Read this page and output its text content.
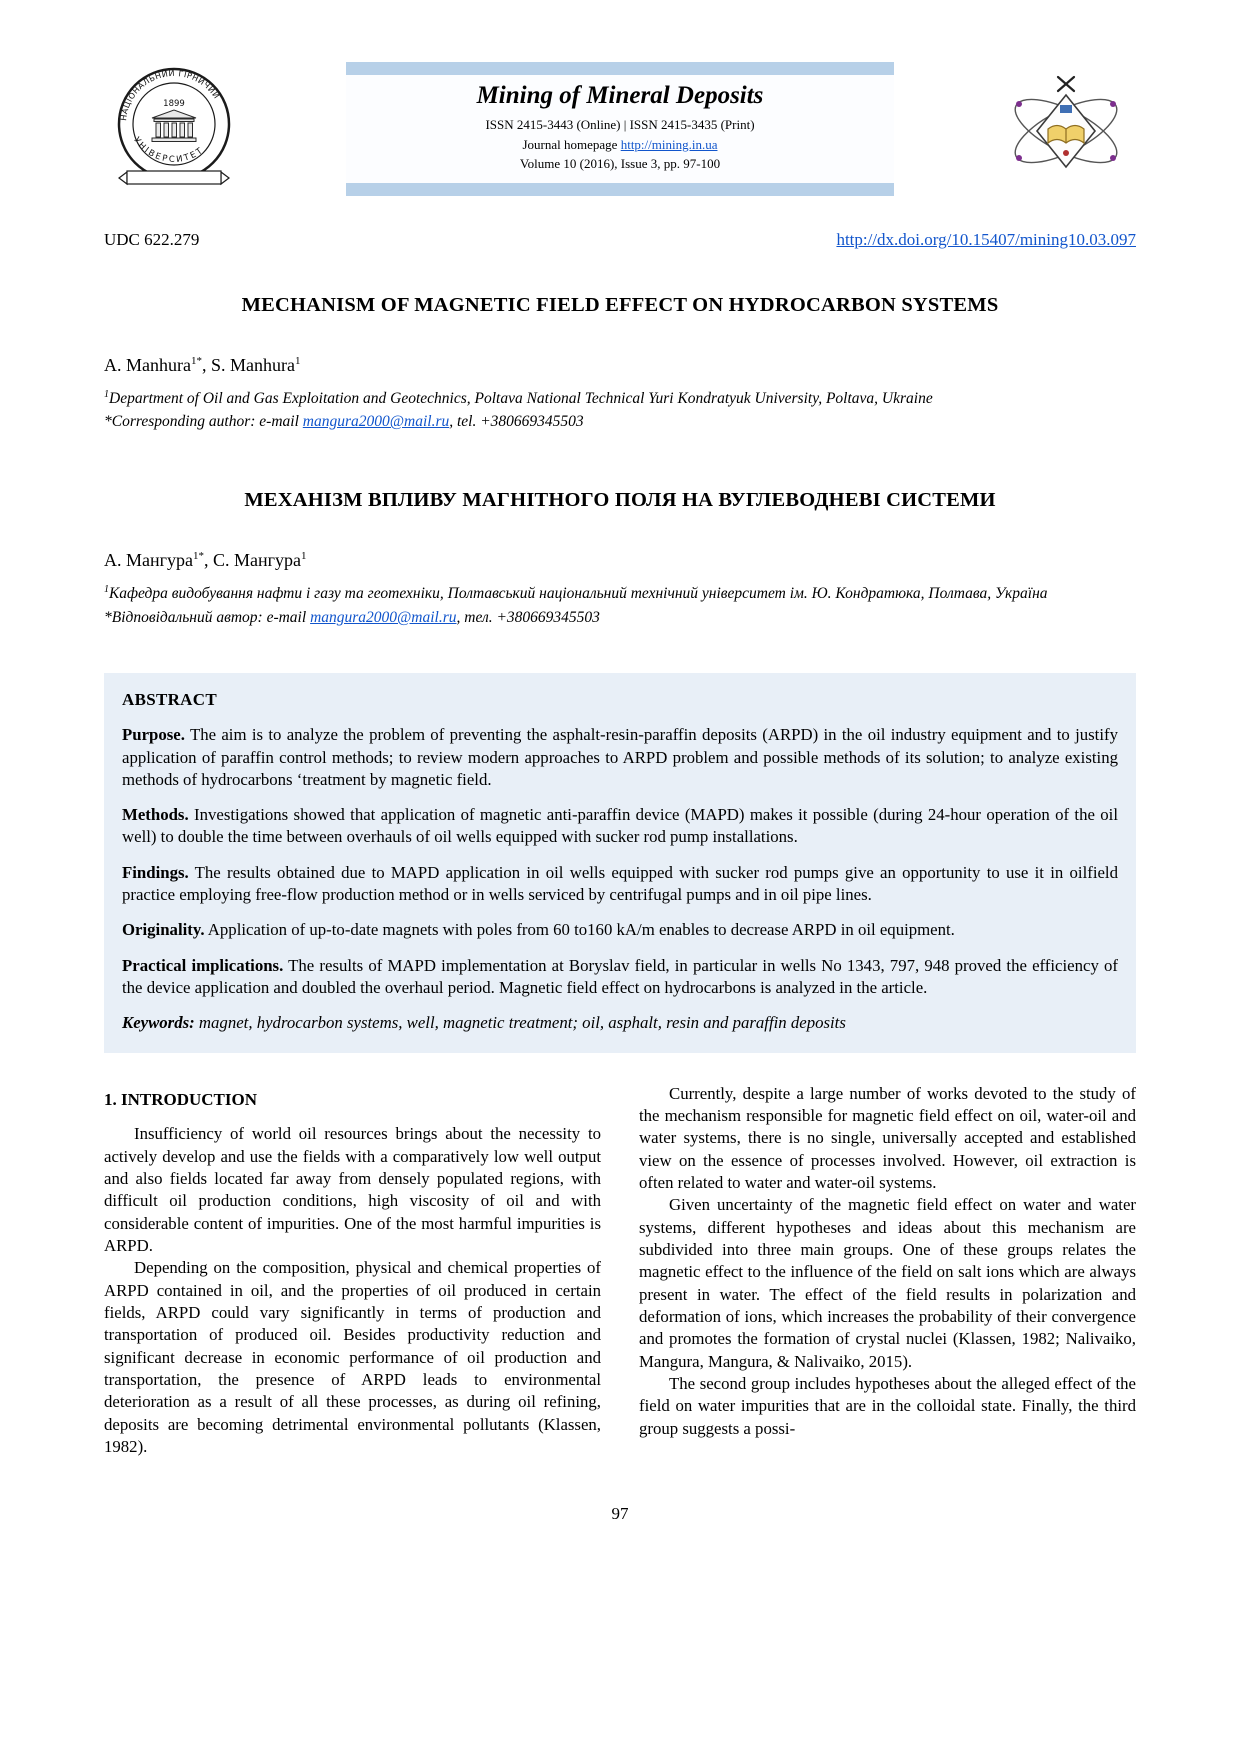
НАЦІОНАЛЬНИЙ ГІРНИЧИЙ
УНІВЕРСИТЕТ
1899	Mining of Mineral Deposits
ISSN 2415-3443 (Online) | ISSN 2415-3435 (Print)
Journal homepage http://mining.in.ua
Volume 10 (2016), Issue 3, pp. 97-100
UDC 622.279	http://dx.doi.org/10.15407/mining10.03.097
MECHANISM OF MAGNETIC FIELD EFFECT ON HYDROCARBON SYSTEMS
A. Manhura$^{1*}$, S. Manhura$^1$
$^1$Department of Oil and Gas Exploitation and Geotechnics, Poltava National Technical Yuri Kondratyuk University, Poltava, Ukraine
*Corresponding author: e-mail mangura2000@mail.ru, tel. +380669345503
МЕХАНІЗМ ВПЛИВУ МАГНІТНОГО ПОЛЯ НА ВУГЛЕВОДНЕВІ СИСТЕМИ
А. Мангура$^{1*}$, С. Мангура$^1$
$^1$Кафедра видобування нафти і газу та геотехніки, Полтавський національний технічний університет ім. Ю. Кондратюка, Полтава, Україна
*Відповідальний автор: e-mail mangura2000@mail.ru, тел. +380669345503
ABSTRACT

Purpose. The aim is to analyze the problem of preventing the asphalt-resin-paraffin deposits (ARPD) in the oil industry equipment and to justify application of paraffin control methods; to review modern approaches to ARPD problem and possible methods of its solution; to analyze existing methods of hydrocarbons ‘treatment by magnetic field.

Methods. Investigations showed that application of magnetic anti-paraffin device (MAPD) makes it possible (during 24-hour operation of the oil well) to double the time between overhauls of oil wells equipped with sucker rod pump installations.

Findings. The results obtained due to MAPD application in oil wells equipped with sucker rod pumps give an opportunity to use it in oilfield practice employing free-flow production method or in wells serviced by centrifugal pumps and in oil pipe lines.

Originality. Application of up-to-date magnets with poles from 60 to160 kA/m enables to decrease ARPD in oil equipment.

Practical implications. The results of MAPD implementation at Boryslav field, in particular in wells No 1343, 797, 948 proved the efficiency of the device application and doubled the overhaul period. Magnetic field effect on hydrocarbons is analyzed in the article.

Keywords: magnet, hydrocarbon systems, well, magnetic treatment; oil, asphalt, resin and paraffin deposits

1. INTRODUCTION

Insufficiency of world oil resources brings about the necessity to actively develop and use the fields with a comparatively low well output and also fields located far away from densely populated regions, with difficult oil production conditions, high viscosity of oil and with considerable content of impurities. One of the most harmful impurities is ARPD.

Depending on the composition, physical and chemical properties of ARPD contained in oil, and the properties of oil produced in certain fields, ARPD could vary significantly in terms of production and transportation of produced oil. Besides productivity reduction and significant decrease in economic performance of oil production and transportation, the presence of ARPD leads to environmental deterioration as a result of all these processes, as during oil refining, deposits are becoming detrimental environmental pollutants (Klassen, 1982).

Currently, despite a large number of works devoted to the study of the mechanism responsible for magnetic field effect on oil, water-oil and water systems, there is no single, universally accepted and established view on the essence of processes involved. However, oil extraction is often related to water and water-oil systems.

Given uncertainty of the magnetic field effect on water and water systems, different hypotheses and ideas about this mechanism are subdivided into three main groups. One of these groups relates the magnetic effect to the influence of the field on salt ions which are always present in water. The effect of the field results in polarization and deformation of ions, which increases the probability of their convergence and promotes the formation of crystal nuclei (Klassen, 1982; Nalivaiko, Mangura, Mangura, & Nalivaiko, 2015).

The second group includes hypotheses about the alleged effect of the field on water impurities that are in the colloidal state. Finally, the third group suggests a possi-

97
